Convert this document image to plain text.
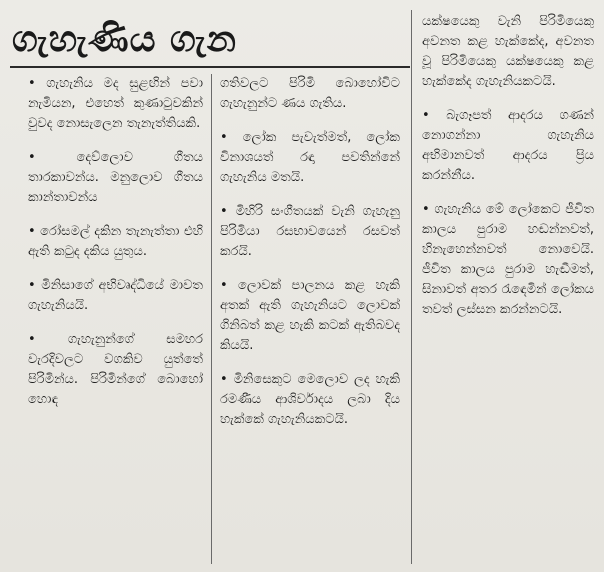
ගැහැණිය ගැන

• ගැහැනිය මද සුළඟින් පවා නැමියන, එහෙත් කුණාටුවකින් වුවද නොසැලෙන තැනැත්තියකි.

• දෙව්ලොව ගීතය තාරකාවන්ය. මනුලොව ගීතය කාන්තාවන්ය

• රෝසමල් දකින තැනැත්තා එහි ඇති කටුද දකිය යුතුය.

• මිනිසාගේ අභිවෘද්ධියේ මාවත ගැහැනියයි.

• ගැහැනුන්ගේ සමහර වැරදිවලට වගකිව යුත්තේ පිරිමින්ය. පිරිමින්ගේ බොහෝ හොඳ

ගතිවලට පිරිමි බොහෝවිට ගැහැනුන්ට ණය ගැතිය.

• ලෝක පැවැත්මත්, ලෝක විනාශයත් රඳා පවතින්නේ ගැහැනිය මතයි.

• මිහිරි සංගීතයක් වැනි ගැහැනු පිරිමියා රසභාවයෙන් රසවත් කරයි.

• ලොවක් පාලනය කළ හැකි අතක් ඇති ගැහැනියට ලොවක් ගිනිබත් කළ හැකි කටක් ඇතිබවද කියයි.

• මිනිසෙකුට මෙලොව ලද හැකි රමණීය ආශිර්වාදය ලබා දිය හැක්කේ ගැහැනියකටයි.

යක්ෂයෙකු වැනි පිරිමියෙකු අවනත කළ හැක්කේද, අවනත වූ පිරිමියෙකු යක්ෂයෙකු කළ හැක්කේද ගැහැනියකටයි.

• බැගෑපත් ආදරය ගණන් නොගන්නා ගැහැනිය අභිමානවත් ආදරය ප්‍රිය කරන්නීය.

• ගැහැනිය මේ ලෝකෙට ජීවිත කාලය පුරාම හඬන්නවත්, හිනැහෙන්නවත් නොවෙයි. ජීවිත කාලය පුරාම හැඬීමත්, සිනාවත් අතර රැඳෙමින් ලෝකය තවත් ලස්සන කරන්නටයි.
